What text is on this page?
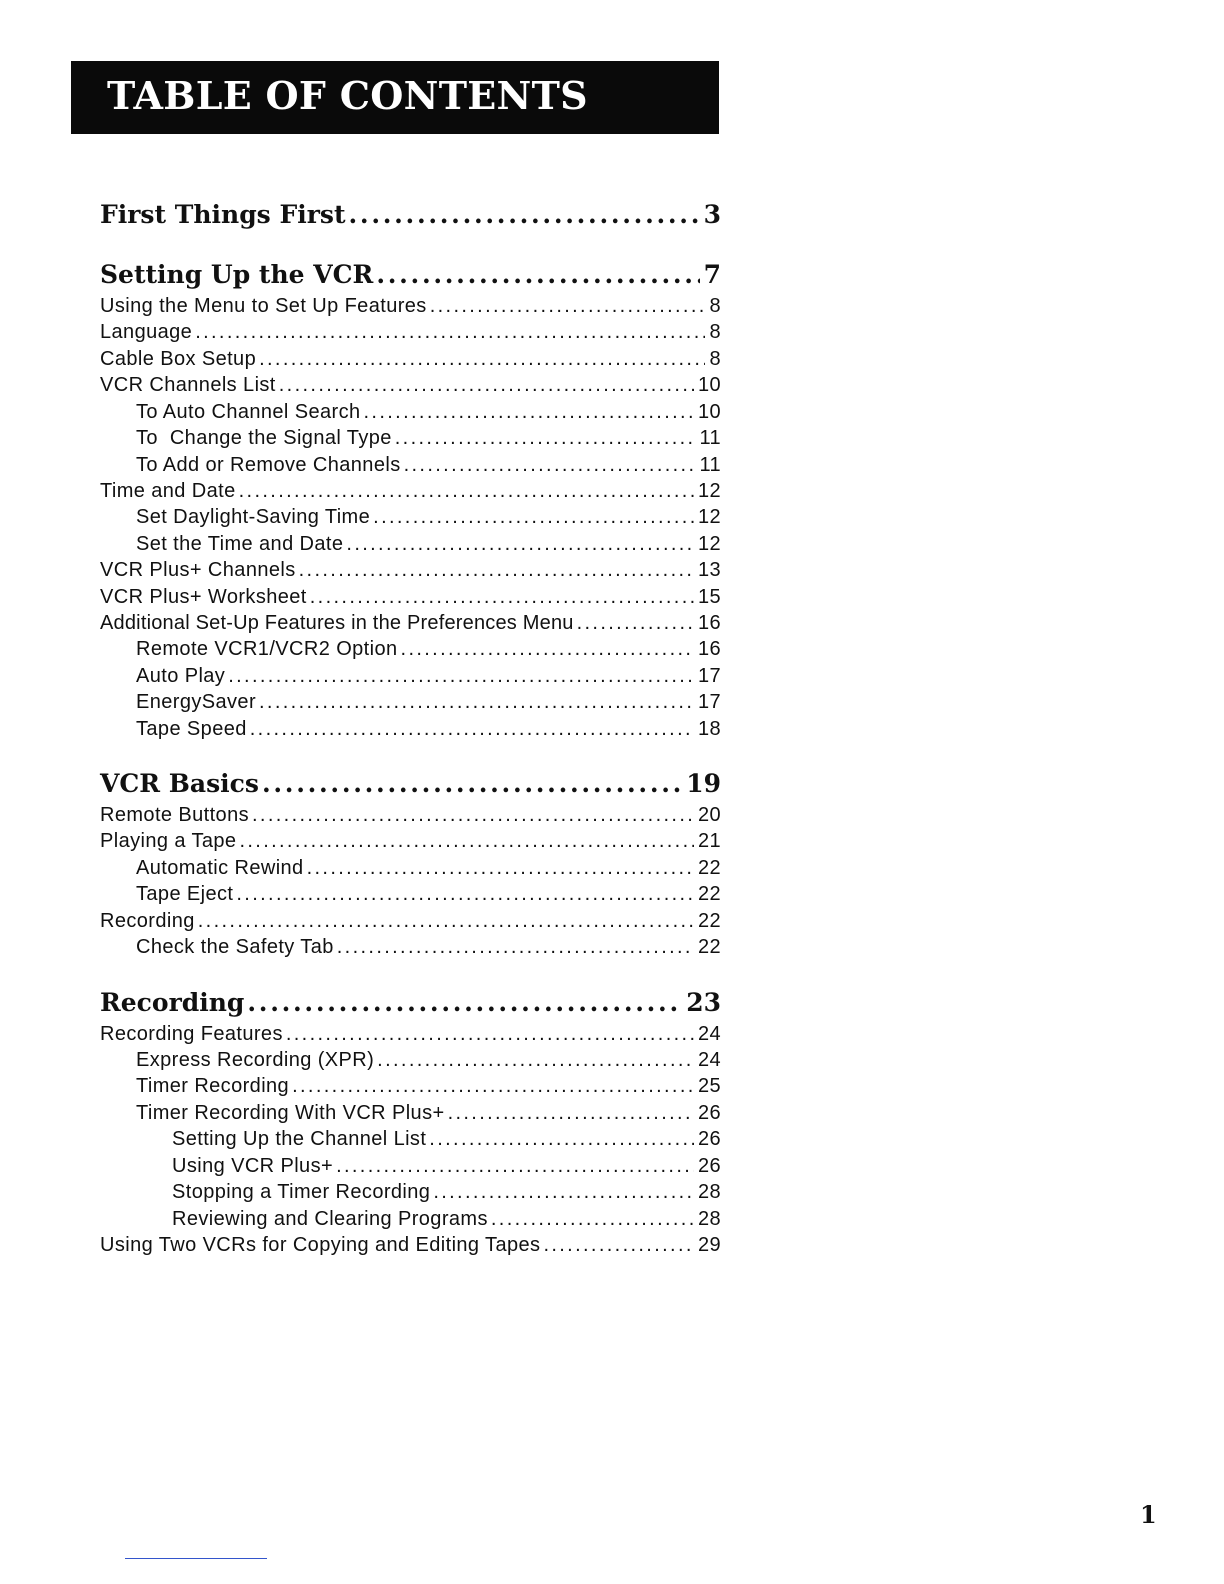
TABLE OF CONTENTS
First Things First . . .	3
Setting Up the VCR . . .	7
Using the Menu to Set Up Features . . .	8
Language . . .	8
Cable Box Setup . . .	8
VCR Channels List . . .	10
To Auto Channel Search . . .	10
To  Change the Signal Type . . .	11
To Add or Remove Channels . . .	11
Time and Date . . .	12
Set Daylight-Saving Time . . .	12
Set the Time and Date . . .	12
VCR Plus+ Channels . . .	13
VCR Plus+ Worksheet . . .	15
Additional Set-Up Features in the Preferences Menu . . .	16
Remote VCR1/VCR2 Option . . .	16
Auto Play . . .	17
EnergySaver . . .	17
Tape Speed . . .	18
VCR Basics . . .	19
Remote Buttons . . .	20
Playing a Tape . . .	21
Automatic Rewind . . .	22
Tape Eject . . .	22
Recording . . .	22
Check the Safety Tab . . .	22
Recording . . .	23
Recording Features . . .	24
Express Recording (XPR) . . .	24
Timer Recording . . .	25
Timer Recording With VCR Plus+ . . .	26
Setting Up the Channel List . . .	26
Using VCR Plus+ . . .	26
Stopping a Timer Recording . . .	28
Reviewing and Clearing Programs . . .	28
Using Two VCRs for Copying and Editing Tapes . . .	29

1
